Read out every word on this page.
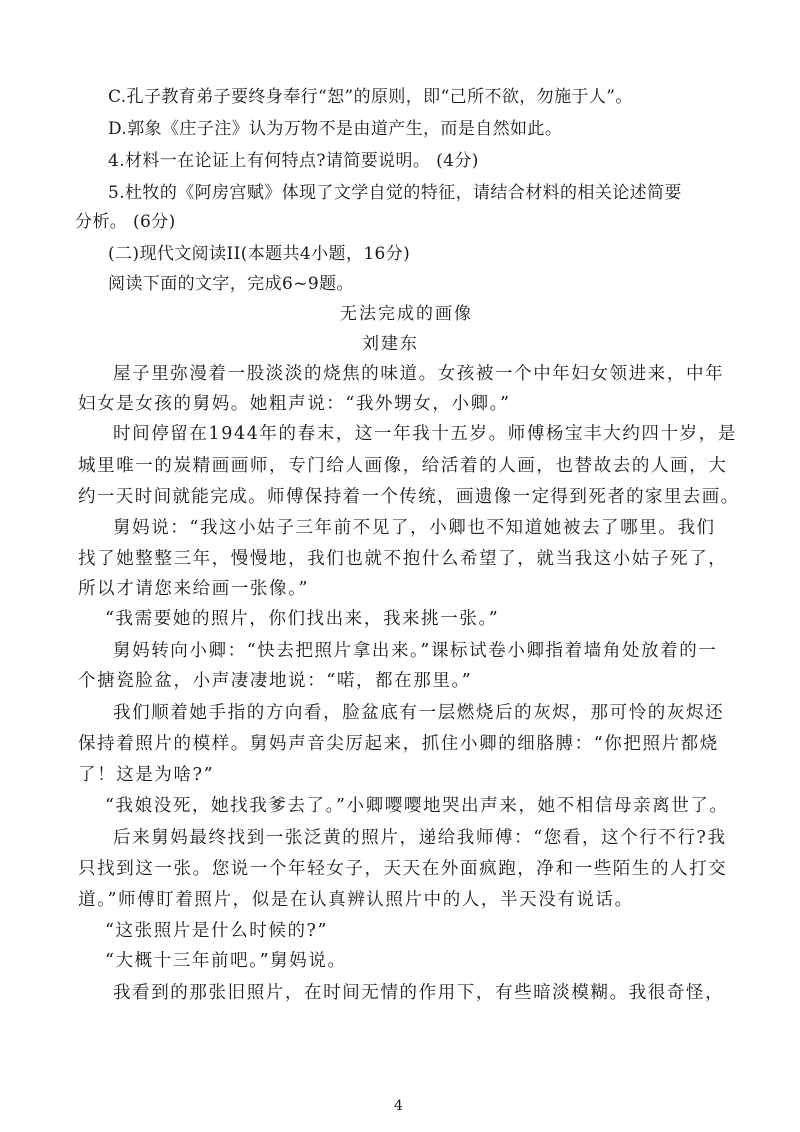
C.孔子教育弟子要终身奉行“恕”的原则，即“己所不欲，勿施于人”。
D.郭象《庄子注》认为万物不是由道产生，而是自然如此。
4.材料一在论证上有何特点?请简要说明。 (4分)
5.杜牧的《阿房宫赋》体现了文学自觉的特征，请结合材料的相关论述简要
分析。 (6分)
(二)现代文阅读II(本题共4小题，16分)
阅读下面的文字，完成6~9题。
无法完成的画像
刘建东
屋子里弥漫着一股淡淡的烧焦的味道。女孩被一个中年妇女领进来，中年
妇女是女孩的舅妈。她粗声说：“我外甥女，小卿。”
时间停留在1944年的春末，这一年我十五岁。师傅杨宝丰大约四十岁，是
城里唯一的炭精画画师，专门给人画像，给活着的人画，也替故去的人画，大
约一天时间就能完成。师傅保持着一个传统，画遗像一定得到死者的家里去画。
舅妈说：“我这小姑子三年前不见了，小卿也不知道她被去了哪里。我们
找了她整整三年，慢慢地，我们也就不抱什么希望了，就当我这小姑子死了，
所以才请您来给画一张像。”
“我需要她的照片，你们找出来，我来挑一张。”
舅妈转向小卿：“快去把照片拿出来。”课标试卷小卿指着墙角处放着的一
个搪瓷脸盆，小声凄凄地说：“喏，都在那里。”
我们顺着她手指的方向看，脸盆底有一层燃烧后的灰烬，那可怜的灰烬还
保持着照片的模样。舅妈声音尖厉起来，抓住小卿的细胳膊：“你把照片都烧
了！这是为啥?”
“我娘没死，她找我爹去了。”小卿嘤嘤地哭出声来，她不相信母亲离世了。
后来舅妈最终找到一张泛黄的照片，递给我师傅：“您看，这个行不行?我
只找到这一张。您说一个年轻女子，天天在外面疯跑，净和一些陌生的人打交
道。”师傅盯着照片，似是在认真辨认照片中的人，半天没有说话。
“这张照片是什么时候的?”
“大概十三年前吧。”舅妈说。
我看到的那张旧照片，在时间无情的作用下，有些暗淡模糊。我很奇怪，
4
